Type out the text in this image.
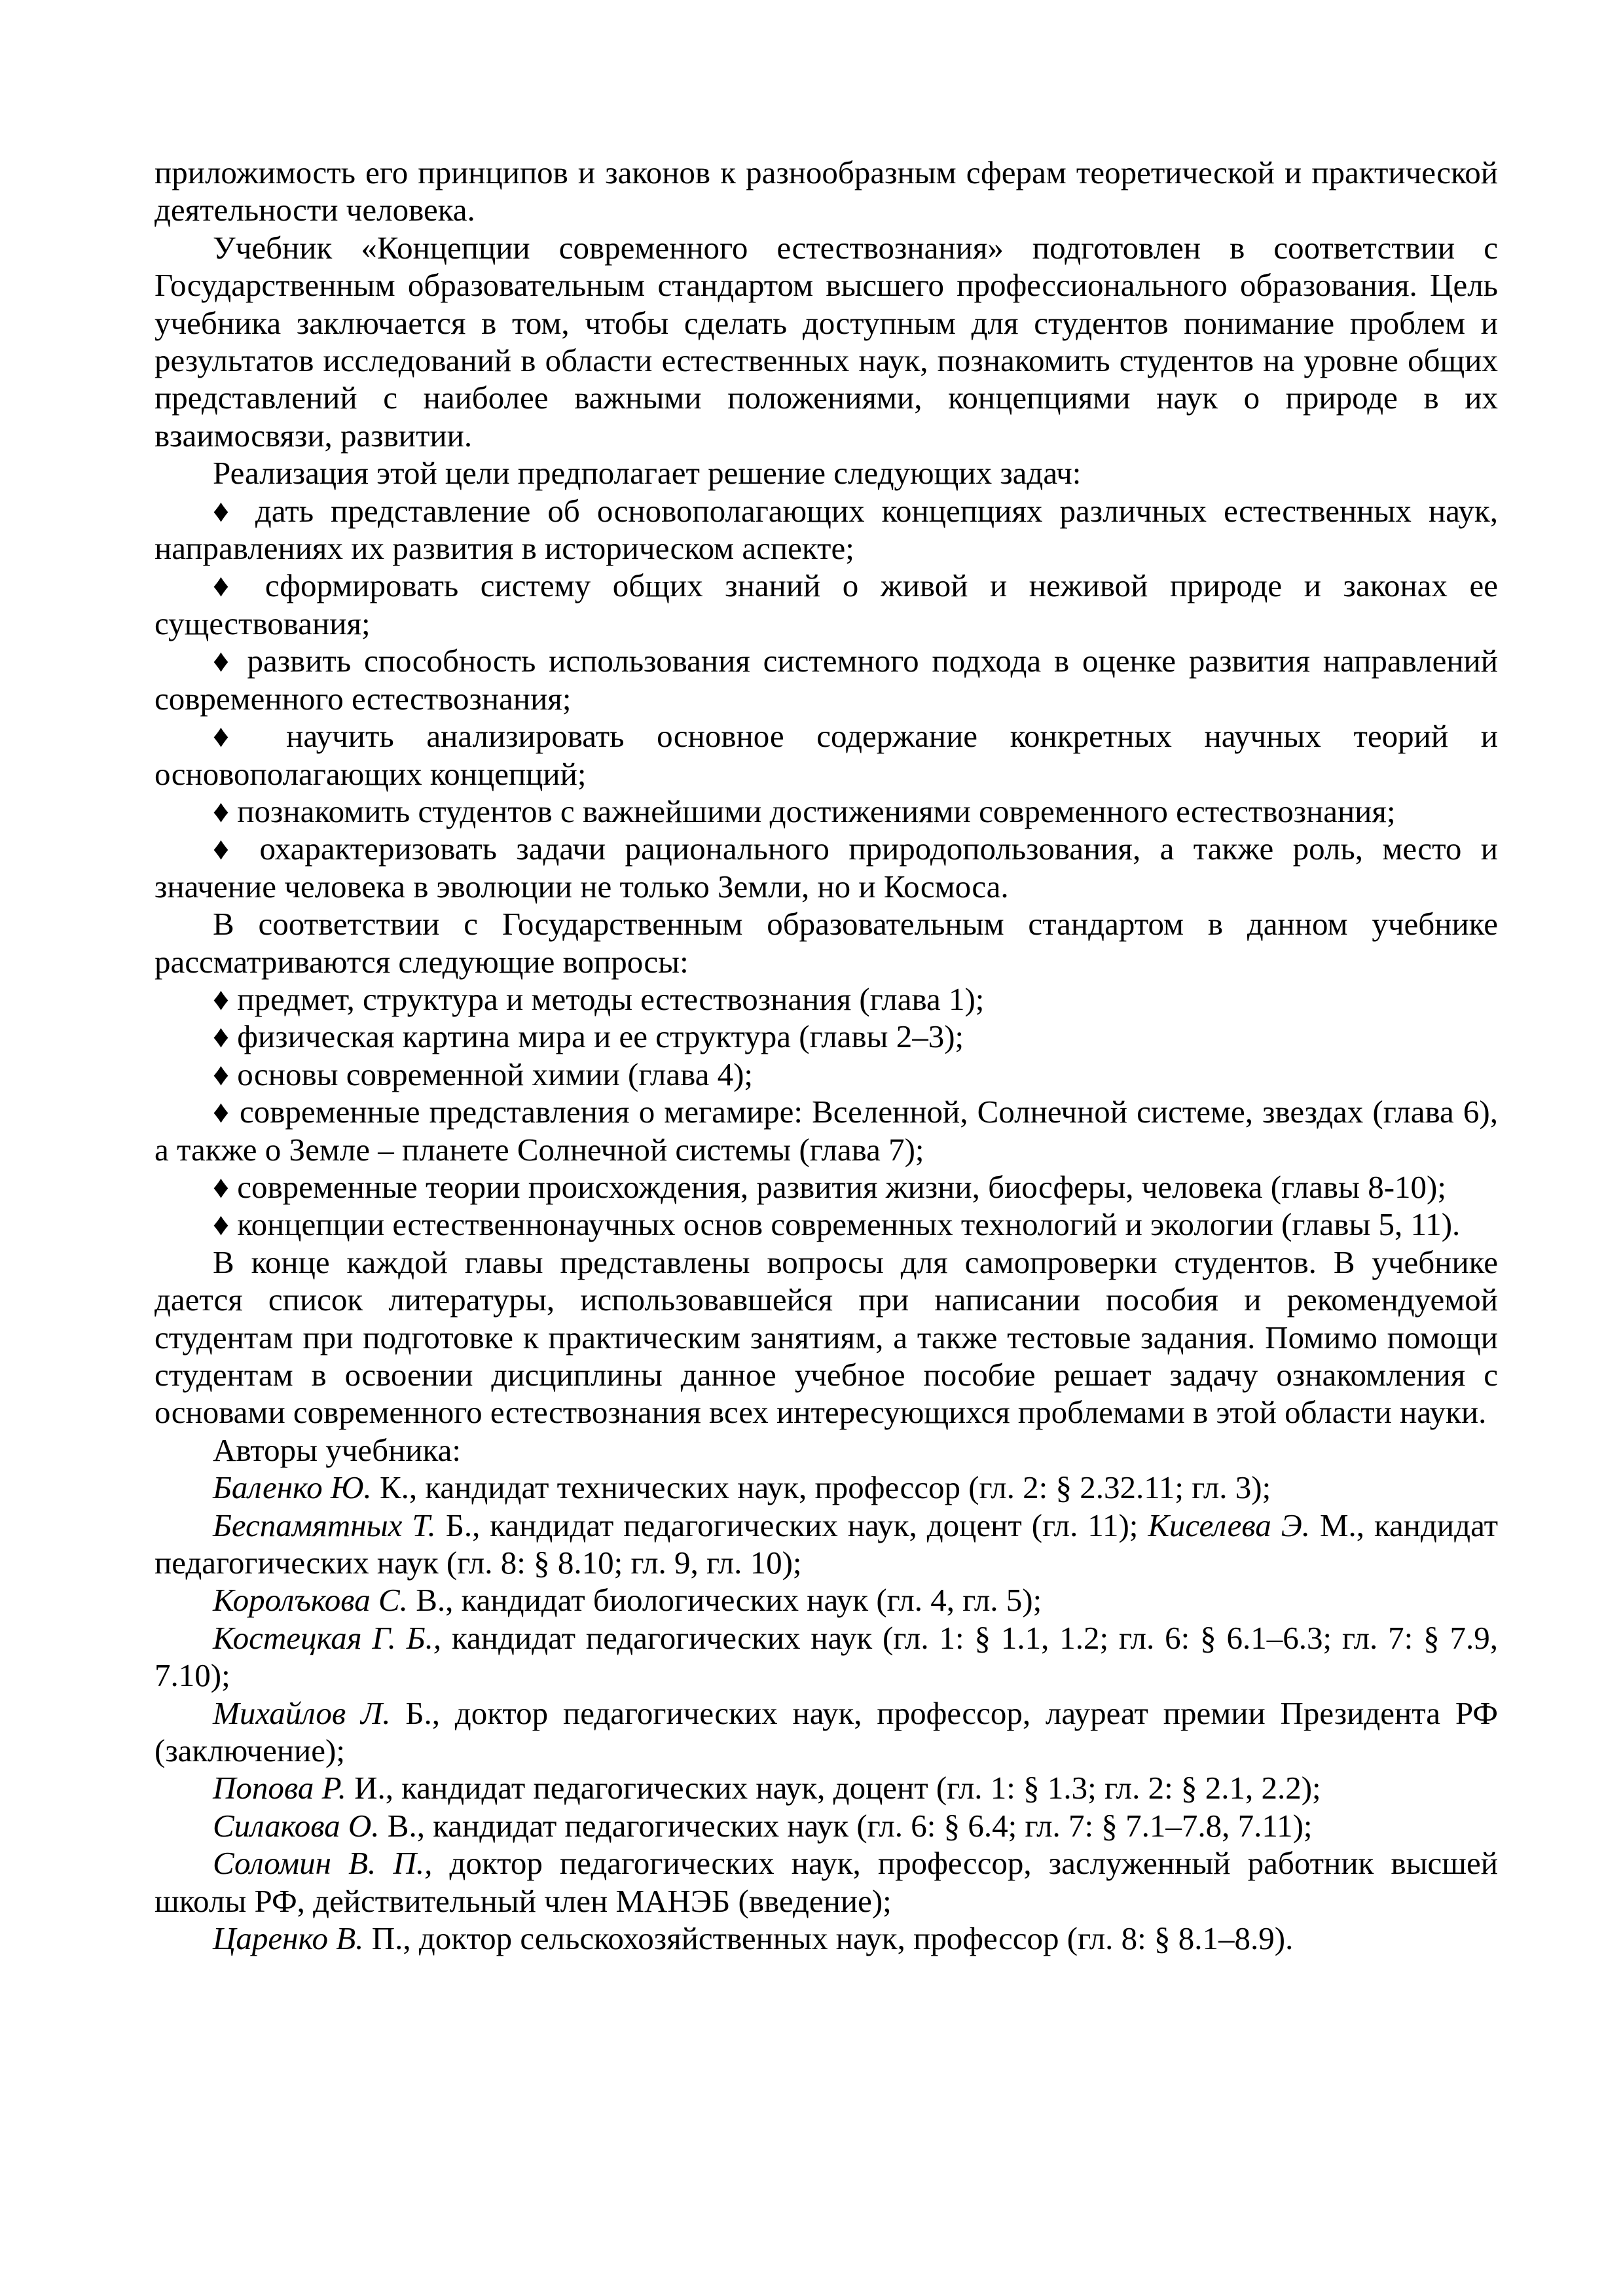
приложимость его принципов и законов к разнообразным сферам теоретической и практической деятельности человека.

Учебник «Концепции современного естествознания» подготовлен в соответствии с Государственным образовательным стандартом высшего профессионального образования. Цель учебника заключается в том, чтобы сделать доступным для студентов понимание проблем и результатов исследований в области естественных наук, познакомить студентов на уровне общих представлений с наиболее важными положениями, концепциями наук о природе в их взаимосвязи, развитии.

Реализация этой цели предполагает решение следующих задач:

♦ дать представление об основополагающих концепциях различных естественных наук, направлениях их развития в историческом аспекте;

♦ сформировать систему общих знаний о живой и неживой природе и законах ее существования;

♦ развить способность использования системного подхода в оценке развития направлений современного естествознания;

♦ научить анализировать основное содержание конкретных научных теорий и основополагающих концепций;

♦ познакомить студентов с важнейшими достижениями современного естествознания;

♦ охарактеризовать задачи рационального природопользования, а также роль, место и значение человека в эволюции не только Земли, но и Космоса.

В соответствии с Государственным образовательным стандартом в данном учебнике рассматриваются следующие вопросы:

♦ предмет, структура и методы естествознания (глава 1);

♦ физическая картина мира и ее структура (главы 2–3);

♦ основы современной химии (глава 4);

♦ современные представления о мегамире: Вселенной, Солнечной системе, звездах (глава 6), а также о Земле – планете Солнечной системы (глава 7);

♦ современные теории происхождения, развития жизни, биосферы, человека (главы 8-10);

♦ концепции естественнонаучных основ современных технологий и экологии (главы 5, 11).

В конце каждой главы представлены вопросы для самопроверки студентов. В учебнике дается список литературы, использовавшейся при написании пособия и рекомендуемой студентам при подготовке к практическим занятиям, а также тестовые задания. Помимо помощи студентам в освоении дисциплины данное учебное пособие решает задачу ознакомления с основами современного естествознания всех интересующихся проблемами в этой области науки.

Авторы учебника:

Баленко Ю. К., кандидат технических наук, профессор (гл. 2: § 2.32.11; гл. 3);

Беспамятных Т. Б., кандидат педагогических наук, доцент (гл. 11); Киселева Э. М., кандидат педагогических наук (гл. 8: § 8.10; гл. 9, гл. 10);

Королъкова С. В., кандидат биологических наук (гл. 4, гл. 5);

Костецкая Г. Б., кандидат педагогических наук (гл. 1: § 1.1, 1.2; гл. 6: § 6.1–6.3; гл. 7: § 7.9, 7.10);

Михайлов Л. Б., доктор педагогических наук, профессор, лауреат премии Президента РФ (заключение);

Попова Р. И., кандидат педагогических наук, доцент (гл. 1: § 1.3; гл. 2: § 2.1, 2.2);

Силакова О. В., кандидат педагогических наук (гл. 6: § 6.4; гл. 7: § 7.1–7.8, 7.11);

Соломин В. П., доктор педагогических наук, профессор, заслуженный работник высшей школы РФ, действительный член МАНЭБ (введение);

Царенко В. П., доктор сельскохозяйственных наук, профессор (гл. 8: § 8.1–8.9).
